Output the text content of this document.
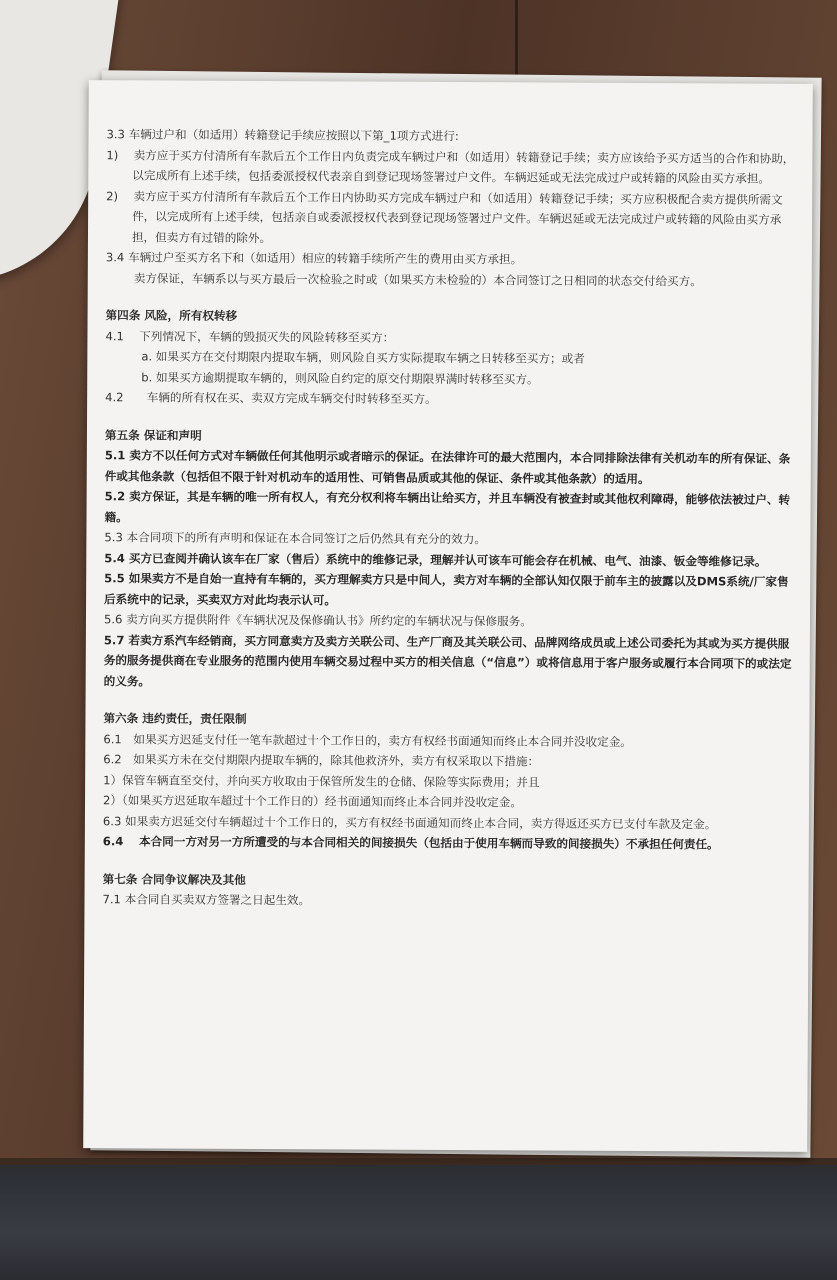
3.3 车辆过户和（如适用）转籍登记手续应按照以下第_1项方式进行:

1)　 卖方应于买方付清所有车款后五个工作日内负责完成车辆过户和（如适用）转籍登记手续；卖方应该给予买方适当的合作和协助，以完成所有上述手续，包括委派授权代表亲自到登记现场签署过户文件。车辆迟延或无法完成过户或转籍的风险由买方承担。

2)　 卖方应于买方付清所有车款后五个工作日内协助买方完成车辆过户和（如适用）转籍登记手续；买方应积极配合卖方提供所需文件，以完成所有上述手续，包括亲自或委派授权代表到登记现场签署过户文件。车辆迟延或无法完成过户或转籍的风险由买方承担，但卖方有过错的除外。

3.4 车辆过户至买方名下和（如适用）相应的转籍手续所产生的费用由买方承担。

卖方保证，车辆系以与买方最后一次检验之时或（如果买方未检验的）本合同签订之日相同的状态交付给买方。

第四条 风险，所有权转移

4.1　 下列情况下，车辆的毁损灭失的风险转移至买方：

a. 如果买方在交付期限内提取车辆，则风险自买方实际提取车辆之日转移至买方；或者

b. 如果买方逾期提取车辆的，则风险自约定的原交付期限界满时转移至买方。

4.2　　车辆的所有权在买、卖双方完成车辆交付时转移至买方。

第五条 保证和声明

5.1 卖方不以任何方式对车辆做任何其他明示或者暗示的保证。在法律许可的最大范围内，本合同排除法律有关机动车的所有保证、条件或其他条款（包括但不限于针对机动车的适用性、可销售品质或其他的保证、条件或其他条款）的适用。

5.2 卖方保证，其是车辆的唯一所有权人，有充分权利将车辆出让给买方，并且车辆没有被查封或其他权利障碍，能够依法被过户、转籍。

5.3 本合同项下的所有声明和保证在本合同签订之后仍然具有充分的效力。

5.4 买方已查阅并确认该车在厂家（售后）系统中的维修记录，理解并认可该车可能会存在机械、电气、油漆、钣金等维修记录。

5.5 如果卖方不是自始一直持有车辆的，买方理解卖方只是中间人，卖方对车辆的全部认知仅限于前车主的披露以及DMS系统/厂家售后系统中的记录，买卖双方对此均表示认可。

5.6 卖方向买方提供附件《车辆状况及保修确认书》所约定的车辆状况与保修服务。

5.7 若卖方系汽车经销商，买方同意卖方及卖方关联公司、生产厂商及其关联公司、品牌网络成员或上述公司委托为其或为买方提供服务的服务提供商在专业服务的范围内使用车辆交易过程中买方的相关信息（“信息”）或将信息用于客户服务或履行本合同项下的或法定的义务。

第六条 违约责任，责任限制

6.1　如果买方迟延支付任一笔车款超过十个工作日的，卖方有权经书面通知而终止本合同并没收定金。

6.2　如果买方未在交付期限内提取车辆的，除其他救济外，卖方有权采取以下措施：

1）保管车辆直至交付，并向买方收取由于保管所发生的仓储、保险等实际费用；并且

2）（如果买方迟延取车超过十个工作日的）经书面通知而终止本合同并没收定金。

6.3 如果卖方迟延交付车辆超过十个工作日的，买方有权经书面通知而终止本合同，卖方得返还买方已支付车款及定金。

6.4　 本合同一方对另一方所遭受的与本合同相关的间接损失（包括由于使用车辆而导致的间接损失）不承担任何责任。

第七条 合同争议解决及其他

7.1 本合同自买卖双方签署之日起生效。
